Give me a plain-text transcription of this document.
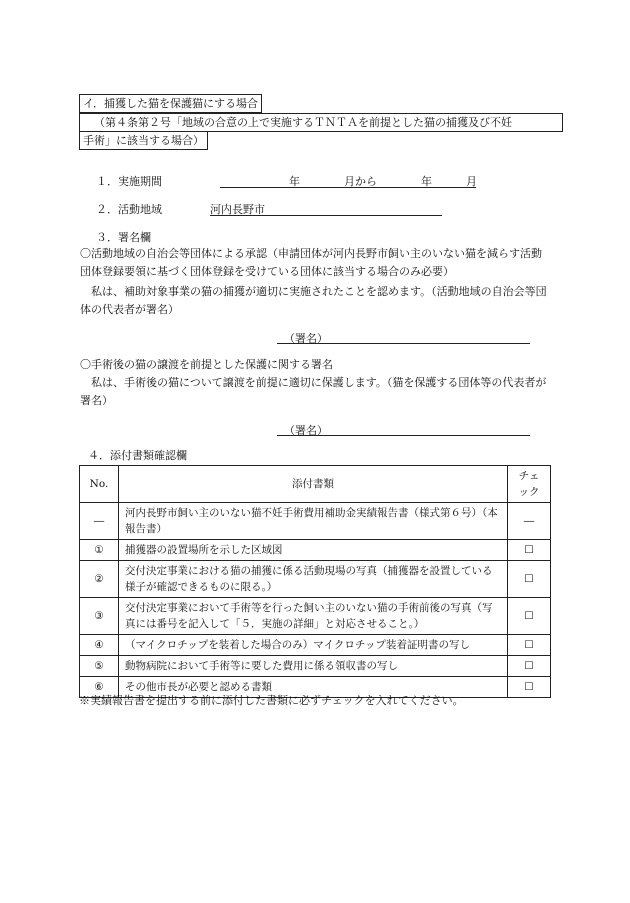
イ．捕獲した猫を保護猫にする場合
（第４条第２号「地域の合意の上で実施するＴＮＴＡを前提とした猫の捕獲及び不妊
手術」に該当する場合）
１．実施期間	年	月から	年	月
２．活動地域	河内長野市
３．署名欄
〇活動地域の自治会等団体による承認（申請団体が河内長野市飼い主のいない猫を減らす活動団体登録要領に基づく団体登録を受けている団体に該当する場合のみ必要）
私は、補助対象事業の猫の捕獲が適切に実施されたことを認めます。（活動地域の自治会等団体の代表者が署名）
（署名）
〇手術後の猫の譲渡を前提とした保護に関する署名
私は、手術後の猫について譲渡を前提に適切に保護します。（猫を保護する団体等の代表者が署名）
（署名）
４．添付書類確認欄
No.	添付書類	チェック
―	河内長野市飼い主のいない猫不妊手術費用補助金実績報告書（様式第６号）（本報告書）	―
①	捕獲器の設置場所を示した区域図	☐
②	交付決定事業における猫の捕獲に係る活動現場の写真（捕獲器を設置している様子が確認できるものに限る。）	☐
③	交付決定事業において手術等を行った飼い主のいない猫の手術前後の写真（写真には番号を記入して「５．実施の詳細」と対応させること。）	☐
④	（マイクロチップを装着した場合のみ）マイクロチップ装着証明書の写し	☐
⑤	動物病院において手術等に要した費用に係る領収書の写し	☐
⑥	その他市長が必要と認める書類	☐
※実績報告書を提出する前に添付した書類に必ずチェックを入れてください。
